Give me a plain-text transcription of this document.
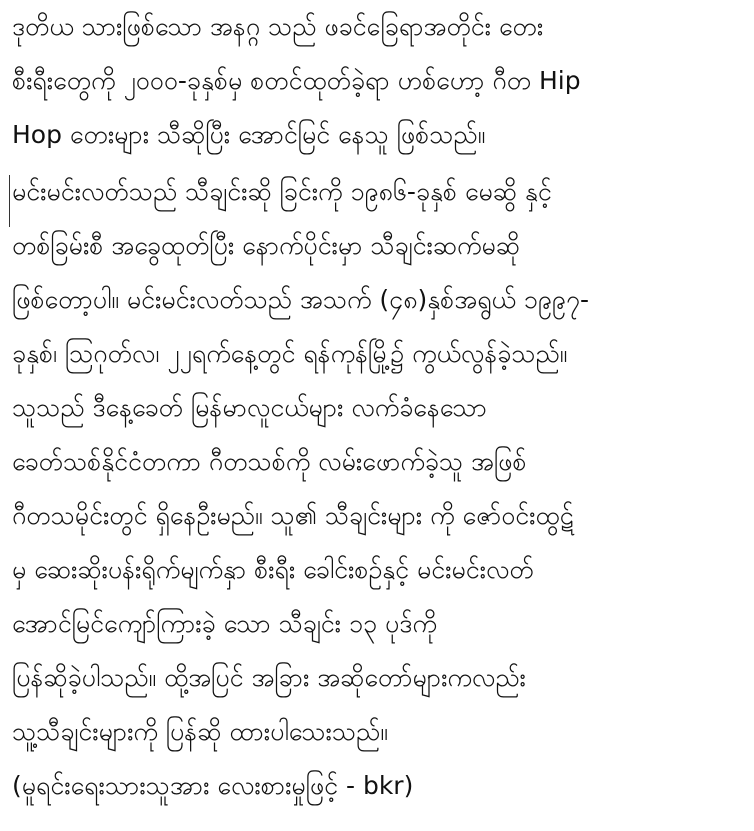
ဒုတိယ သားဖြစ်သော အနဂ္ဂ သည် ဖခင်ခြေရာအတိုင်း တေး
စီးရီးတွေကို ၂၀၀၀-ခုနှစ်မှ စတင်ထုတ်ခဲ့ရာ ဟစ်ဟော့ ဂီတ Hip
Hop တေးများ သီဆိုပြီး အောင်မြင် နေသူ ဖြစ်သည်။
မင်းမင်းလတ်သည် သီချင်းဆို ခြင်းကို ၁၉၈၆-ခုနှစ် မေဆွိ နှင့်
တစ်ခြမ်းစီ အခွေထုတ်ပြီး နောက်ပိုင်းမှာ သီချင်းဆက်မဆို
ဖြစ်တော့ပါ။ မင်းမင်းလတ်သည် အသက် (၄၈)နှစ်အရွယ် ၁၉၉၇-
ခုနှစ်၊ ဩဂုတ်လ၊ ၂၂ရက်နေ့တွင် ရန်ကုန်မြို့၌ ကွယ်လွန်ခဲ့သည်။
သူသည် ဒီနေ့ခေတ် မြန်မာလူငယ်များ လက်ခံနေသော
ခေတ်သစ်နိုင်ငံတကာ ဂီတသစ်ကို လမ်းဖောက်ခဲ့သူ အဖြစ်
ဂီတသမိုင်းတွင် ရှိနေဦးမည်။ သူ၏ သီချင်းများ ကို ဇော်ဝင်းထွဋ်
မှ ဆေးဆိုးပန်းရိုက်မျက်နှာ စီးရီး ခေါင်းစဉ်နှင့် မင်းမင်းလတ်
အောင်မြင်ကျော်ကြားခဲ့ သော သီချင်း ၁၃ ပုဒ်ကို
ပြန်ဆိုခဲ့ပါသည်။ ထို့အပြင် အခြား အဆိုတော်များကလည်း
သူ့သီချင်းများကို ပြန်ဆို ထားပါသေးသည်။
(မူရင်းရေးသားသူအား လေးစားမှုဖြင့် - bkr)
